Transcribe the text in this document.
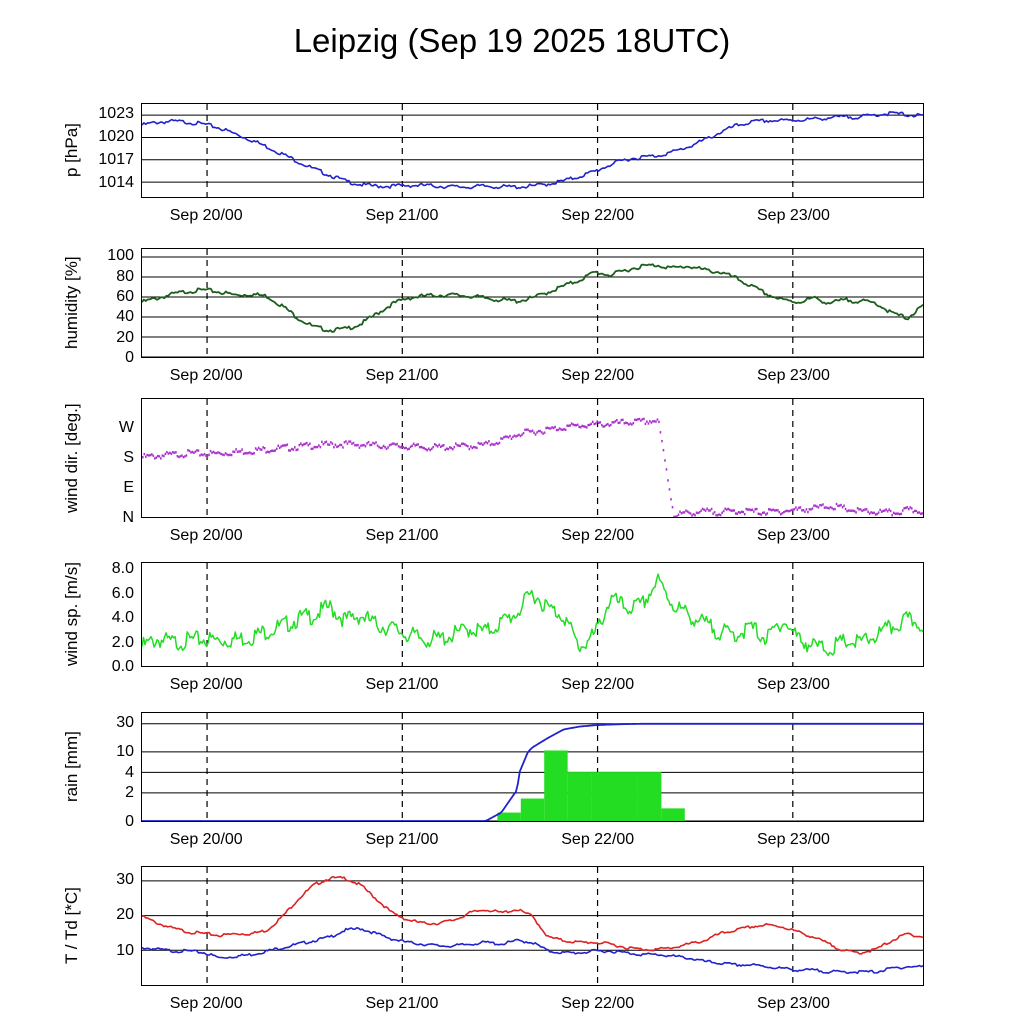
Leipzig (Sep 19 2025 18UTC)
p [hPa]
1014
1017
1020
1023
Sep 20/00	Sep 21/00	Sep 22/00	Sep 23/00
humidity [%]
100
80
60
40
20
0
Sep 20/00	Sep 21/00	Sep 22/00	Sep 23/00
wind dir. [deg.] W
S
E
N
Sep 20/00	Sep 21/00	Sep 22/00	Sep 23/00
wind sp. [m/s] 8.0
6.0
4.0
2.0
0.0
Sep 20/00	Sep 21/00	Sep 22/00	Sep 23/00
rain [mm]
30
10
4
2
0
Sep 20/00	Sep 21/00	Sep 22/00	Sep 23/00
T / Td [*C]
30
20
10
Sep 20/00	Sep 21/00	Sep 22/00	Sep 23/00
